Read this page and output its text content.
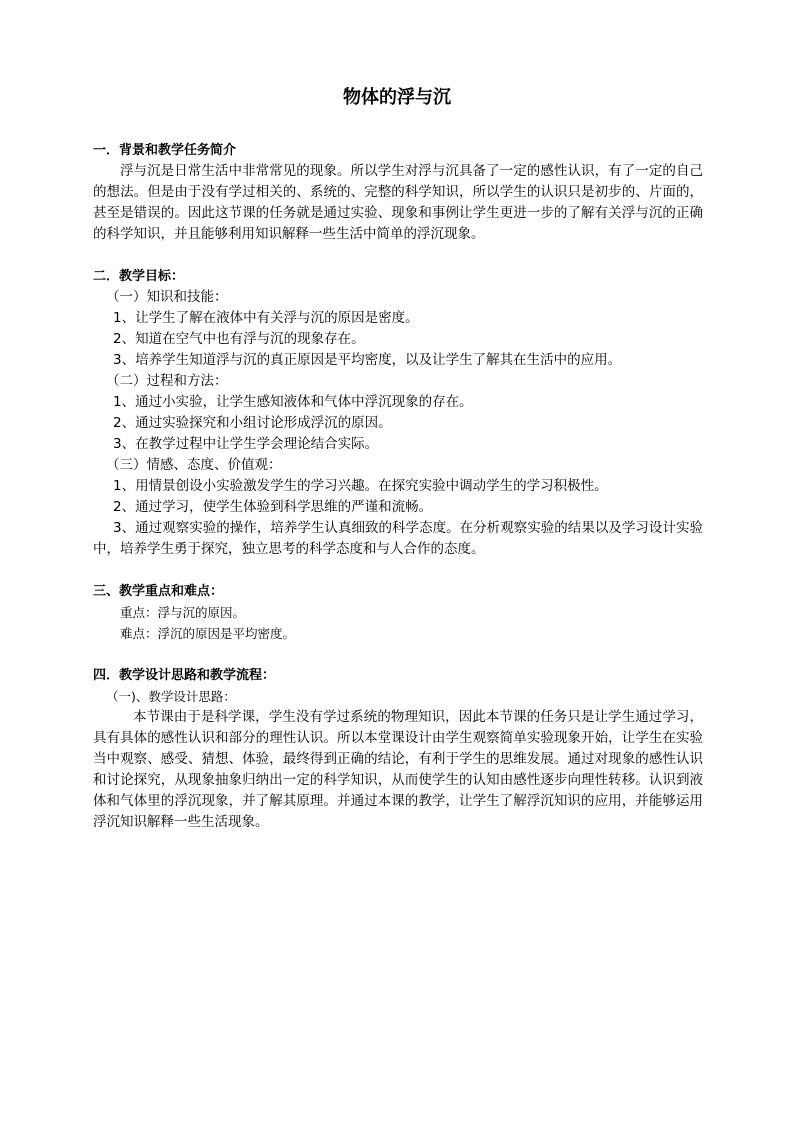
物体的浮与沉

一．背景和教学任务简介

浮与沉是日常生活中非常常见的现象。所以学生对浮与沉具备了一定的感性认识，有了一定的自己的想法。但是由于没有学过相关的、系统的、完整的科学知识，所以学生的认识只是初步的、片面的，甚至是错误的。因此这节课的任务就是通过实验、现象和事例让学生更进一步的了解有关浮与沉的正确的科学知识，并且能够利用知识解释一些生活中简单的浮沉现象。

二．教学目标：

（一）知识和技能：

1、让学生了解在液体中有关浮与沉的原因是密度。

2、知道在空气中也有浮与沉的现象存在。

3、培养学生知道浮与沉的真正原因是平均密度，以及让学生了解其在生活中的应用。

（二）过程和方法：

1、通过小实验，让学生感知液体和气体中浮沉现象的存在。

2、通过实验探究和小组讨论形成浮沉的原因。

3、在教学过程中让学生学会理论结合实际。

（三）情感、态度、价值观：

1、用情景创设小实验激发学生的学习兴趣。在探究实验中调动学生的学习积极性。

2、通过学习，使学生体验到科学思维的严谨和流畅。

3、通过观察实验的操作，培养学生认真细致的科学态度。在分析观察实验的结果以及学习设计实验中，培养学生勇于探究，独立思考的科学态度和与人合作的态度。

三、教学重点和难点：

重点：浮与沉的原因。

难点：浮沉的原因是平均密度。

四．教学设计思路和教学流程：

（一)、教学设计思路：

本节课由于是科学课，学生没有学过系统的物理知识，因此本节课的任务只是让学生通过学习，具有具体的感性认识和部分的理性认识。所以本堂课设计由学生观察简单实验现象开始，让学生在实验当中观察、感受、猜想、体验，最终得到正确的结论，有利于学生的思维发展。通过对现象的感性认识和讨论探究，从现象抽象归纳出一定的科学知识，从而使学生的认知由感性逐步向理性转移。认识到液体和气体里的浮沉现象，并了解其原理。并通过本课的教学，让学生了解浮沉知识的应用，并能够运用浮沉知识解释一些生活现象。
